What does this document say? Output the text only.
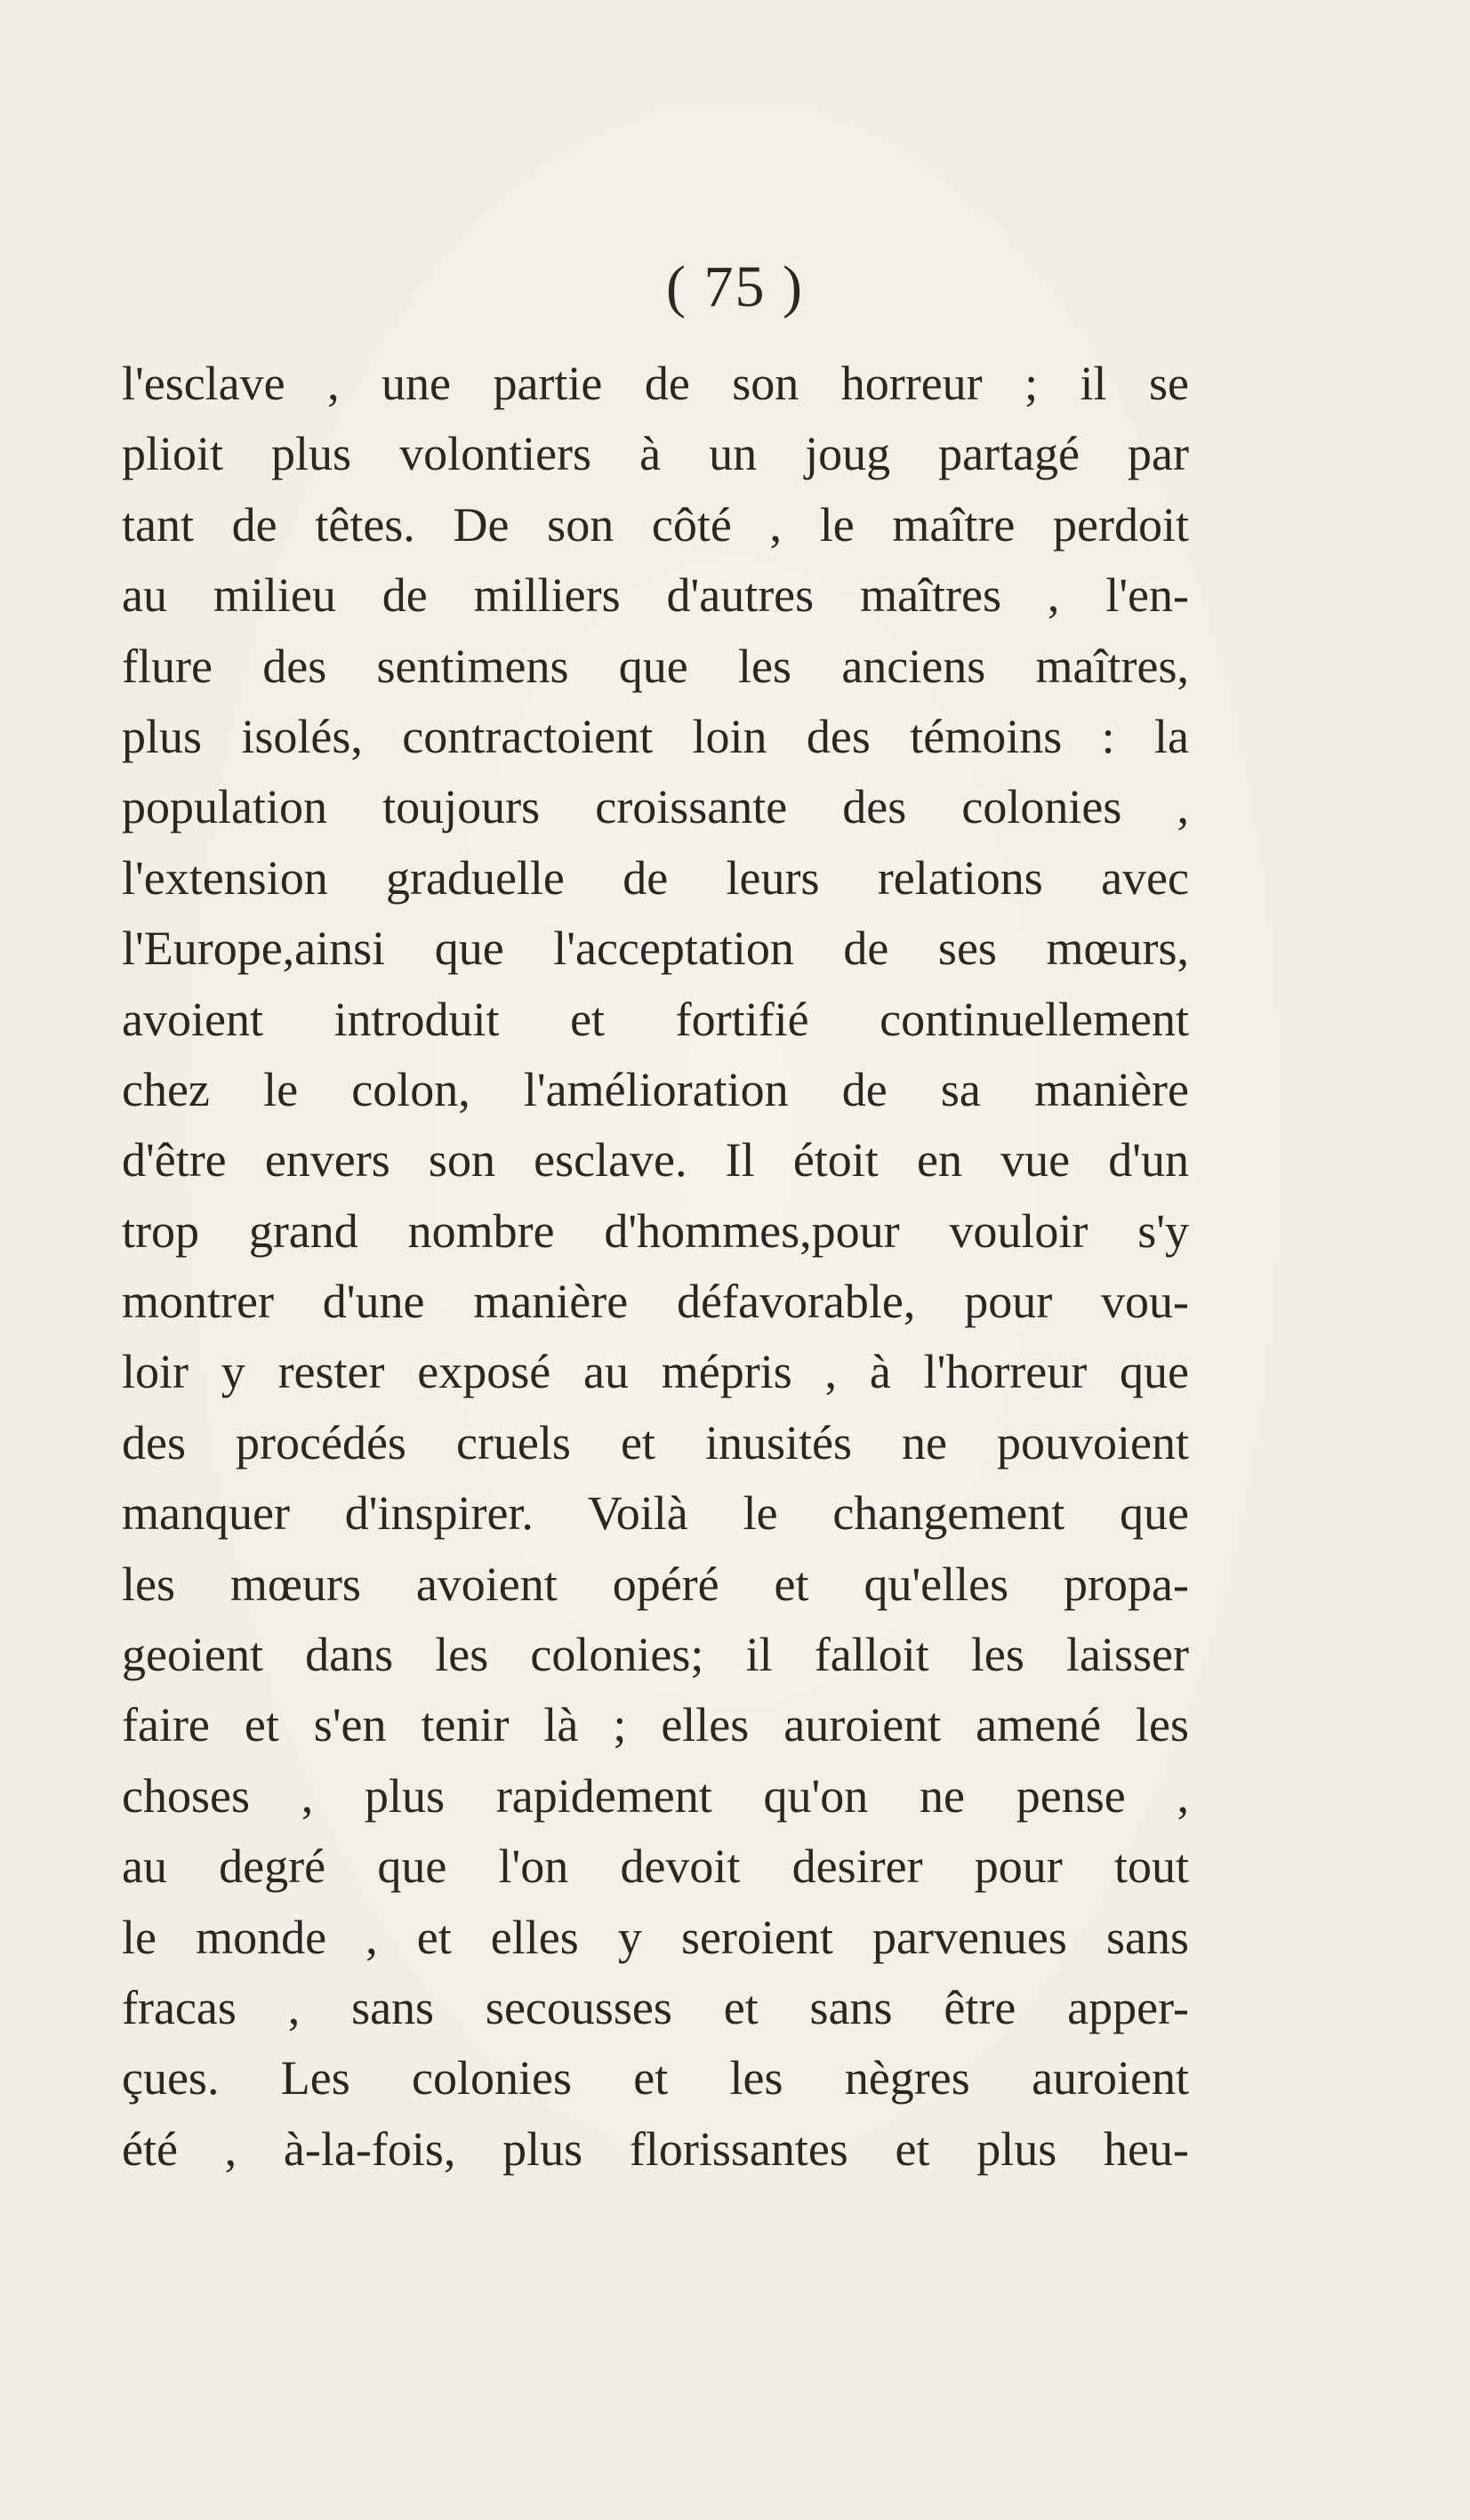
( 75 )
l'esclave , une partie de son horreur ; il se
plioit plus volontiers à un joug partagé par
tant de têtes. De son côté , le maître perdoit
au milieu de milliers d'autres maîtres , l'en-
flure des sentimens que les anciens maîtres,
plus isolés, contractoient loin des témoins : la
population toujours croissante des colonies ,
l'extension graduelle de leurs relations avec
l'Europe,ainsi que l'acceptation de ses mœurs,
avoient introduit et fortifié continuellement
chez le colon, l'amélioration de sa manière
d'être envers son esclave. Il étoit en vue d'un
trop grand nombre d'hommes,pour vouloir s'y
montrer d'une manière défavorable, pour vou-
loir y rester exposé au mépris , à l'horreur que
des procédés cruels et inusités ne pouvoient
manquer d'inspirer. Voilà le changement que
les mœurs avoient opéré et qu'elles propa-
geoient dans les colonies; il falloit les laisser
faire et s'en tenir là ; elles auroient amené les
choses , plus rapidement qu'on ne pense ,
au degré que l'on devoit desirer pour tout
le monde , et elles y seroient parvenues sans
fracas , sans secousses et sans être apper-
çues. Les colonies et les nègres auroient
été , à-la-fois, plus florissantes et plus heu-
